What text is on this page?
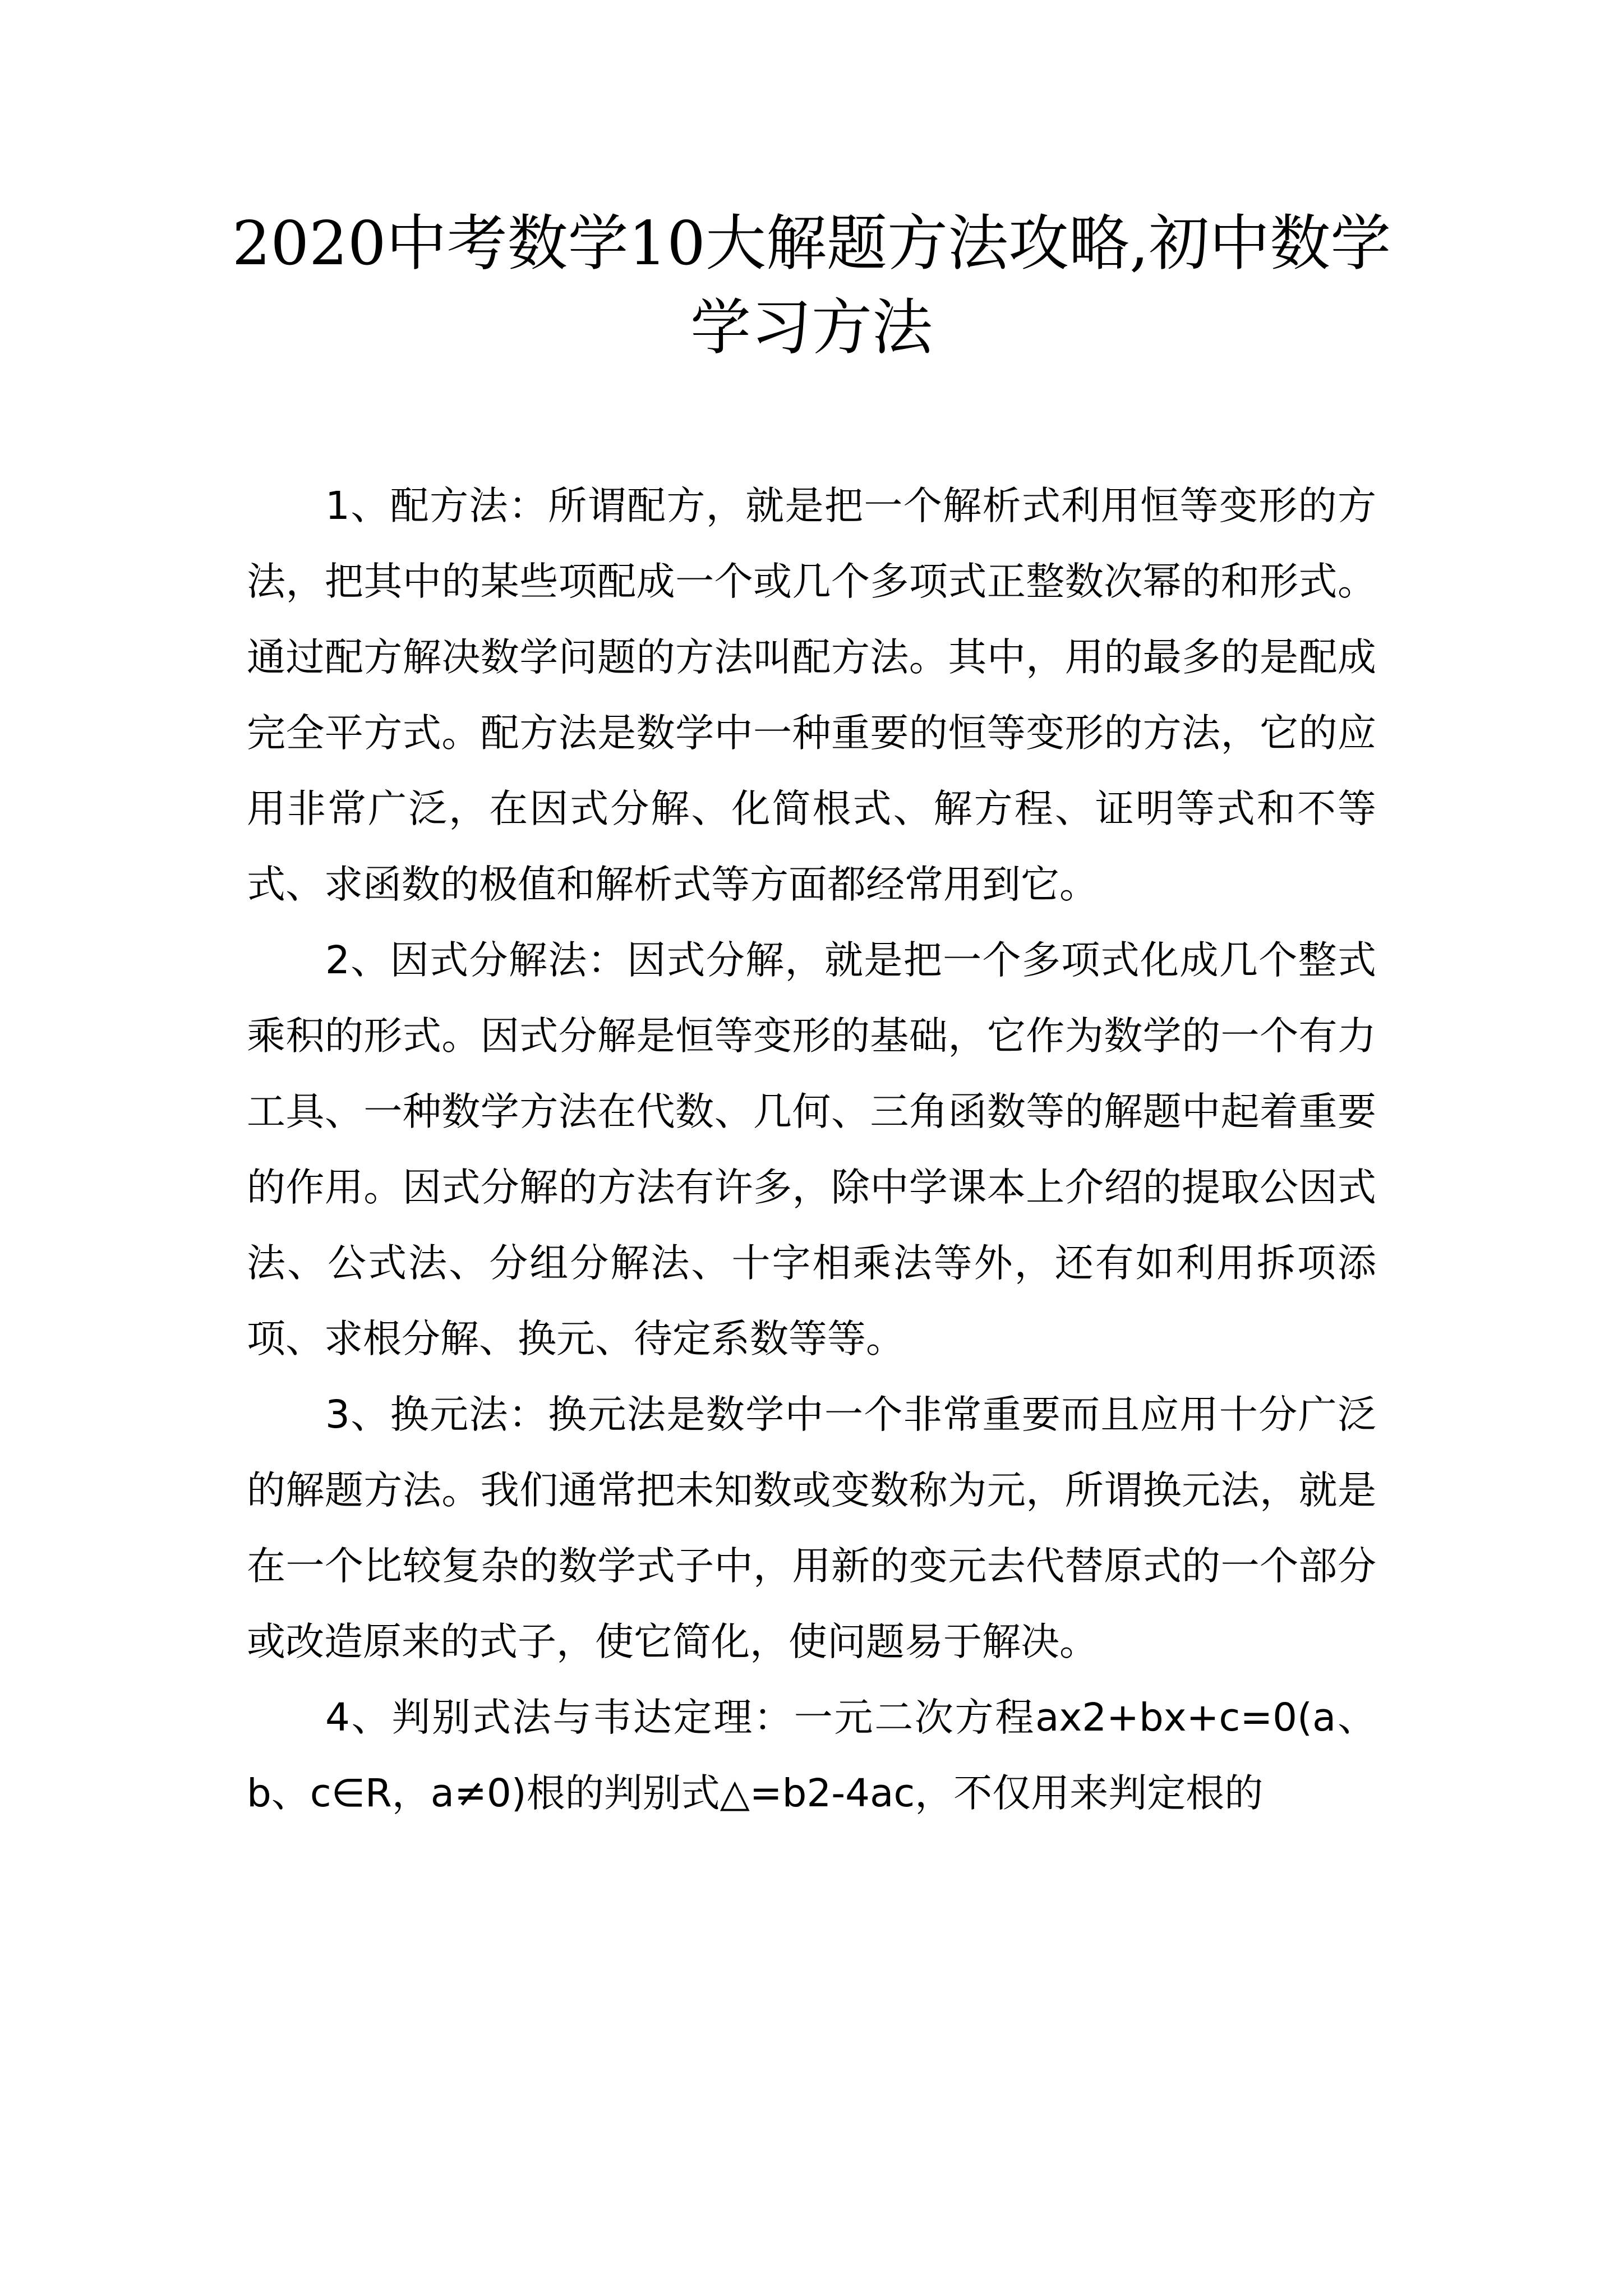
2020中考数学10大解题方法攻略,初中数学学习方法

1、配方法：所谓配方，就是把一个解析式利用恒等变形的方法，把其中的某些项配成一个或几个多项式正整数次幂的和形式。通过配方解决数学问题的方法叫配方法。其中，用的最多的是配成完全平方式。配方法是数学中一种重要的恒等变形的方法，它的应用非常广泛，在因式分解、化简根式、解方程、证明等式和不等式、求函数的极值和解析式等方面都经常用到它。

2、因式分解法：因式分解，就是把一个多项式化成几个整式乘积的形式。因式分解是恒等变形的基础，它作为数学的一个有力工具、一种数学方法在代数、几何、三角函数等的解题中起着重要的作用。因式分解的方法有许多，除中学课本上介绍的提取公因式法、公式法、分组分解法、十字相乘法等外，还有如利用拆项添项、求根分解、换元、待定系数等等。

3、换元法：换元法是数学中一个非常重要而且应用十分广泛的解题方法。我们通常把未知数或变数称为元，所谓换元法，就是在一个比较复杂的数学式子中，用新的变元去代替原式的一个部分或改造原来的式子，使它简化，使问题易于解决。

4、判别式法与韦达定理：一元二次方程ax2+bx+c=0(a、b、c∈R，a≠0)根的判别式△=b2-4ac，不仅用来判定根的
